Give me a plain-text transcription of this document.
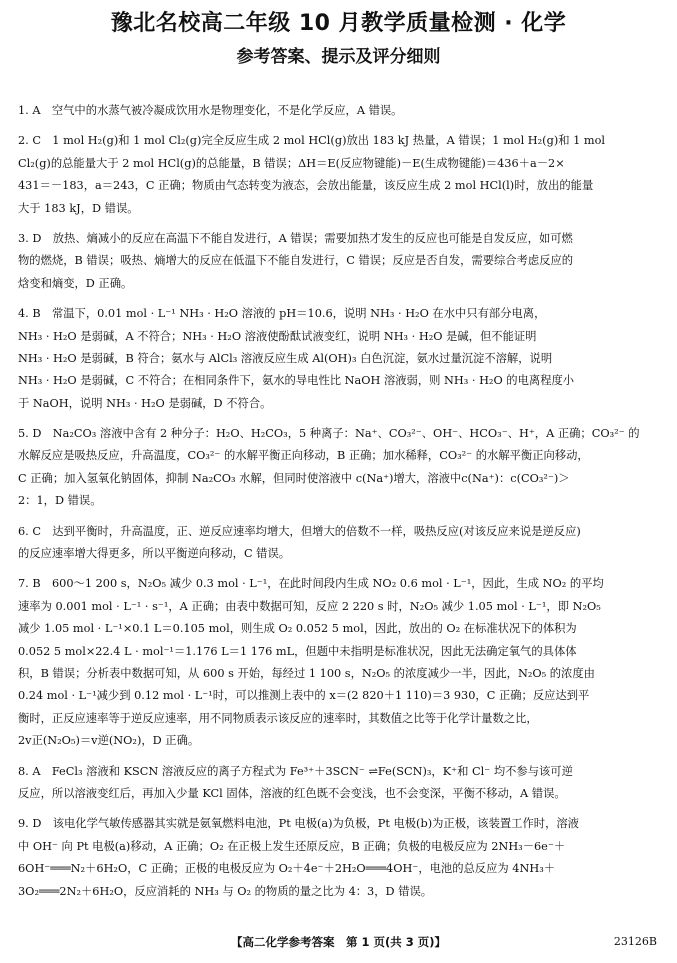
豫北名校高二年级 10 月教学质量检测 · 化学
参考答案、提示及评分细则
1. A　空气中的水蒸气被冷凝成饮用水是物理变化，不是化学反应，A 错误。
2. C　1 mol H₂(g)和 1 mol Cl₂(g)完全反应生成 2 mol HCl(g)放出 183 kJ 热量，A 错误；1 mol H₂(g)和 1 mol
Cl₂(g)的总能量大于 2 mol HCl(g)的总能量，B 错误；ΔH＝E(反应物键能)－E(生成物键能)＝436＋a－2×
431＝－183，a＝243，C 正确；物质由气态转变为液态，会放出能量，该反应生成 2 mol HCl(l)时，放出的能量
大于 183 kJ，D 错误。
3. D　放热、熵减小的反应在高温下不能自发进行，A 错误；需要加热才发生的反应也可能是自发反应，如可燃
物的燃烧，B 错误；吸热、熵增大的反应在低温下不能自发进行，C 错误；反应是否自发，需要综合考虑反应的
焓变和熵变，D 正确。
4. B　常温下，0.01 mol · L⁻¹ NH₃ · H₂O 溶液的 pH＝10.6，说明 NH₃ · H₂O 在水中只有部分电离，
NH₃ · H₂O 是弱碱，A 不符合；NH₃ · H₂O 溶液使酚酞试液变红，说明 NH₃ · H₂O 是碱，但不能证明
NH₃ · H₂O 是弱碱，B 符合；氨水与 AlCl₃ 溶液反应生成 Al(OH)₃ 白色沉淀，氨水过量沉淀不溶解，说明
NH₃ · H₂O 是弱碱，C 不符合；在相同条件下，氨水的导电性比 NaOH 溶液弱，则 NH₃ · H₂O 的电离程度小
于 NaOH，说明 NH₃ · H₂O 是弱碱，D 不符合。
5. D　Na₂CO₃ 溶液中含有 2 种分子：H₂O、H₂CO₃，5 种离子：Na⁺、CO₃²⁻、OH⁻、HCO₃⁻、H⁺，A 正确；CO₃²⁻ 的
水解反应是吸热反应，升高温度，CO₃²⁻ 的水解平衡正向移动，B 正确；加水稀释，CO₃²⁻ 的水解平衡正向移动，
C 正确；加入氢氧化钠固体，抑制 Na₂CO₃ 水解，但同时使溶液中 c(Na⁺)增大，溶液中c(Na⁺)：c(CO₃²⁻)＞
2：1，D 错误。
6. C　达到平衡时，升高温度，正、逆反应速率均增大，但增大的倍数不一样，吸热反应(对该反应来说是逆反应)
的反应速率增大得更多，所以平衡逆向移动，C 错误。
7. B　600～1 200 s，N₂O₅ 减少 0.3 mol · L⁻¹，在此时间段内生成 NO₂ 0.6 mol · L⁻¹，因此，生成 NO₂ 的平均
速率为 0.001 mol · L⁻¹ · s⁻¹，A 正确；由表中数据可知，反应 2 220 s 时，N₂O₅ 减少 1.05 mol · L⁻¹，即 N₂O₅
减少 1.05 mol · L⁻¹×0.1 L＝0.105 mol，则生成 O₂ 0.052 5 mol，因此，放出的 O₂ 在标准状况下的体积为
0.052 5 mol×22.4 L · mol⁻¹＝1.176 L＝1 176 mL，但题中未指明是标准状况，因此无法确定氧气的具体体
积，B 错误；分析表中数据可知，从 600 s 开始，每经过 1 100 s，N₂O₅ 的浓度减少一半，因此，N₂O₅ 的浓度由
0.24 mol · L⁻¹减少到 0.12 mol · L⁻¹时，可以推测上表中的 x＝(2 820＋1 110)＝3 930，C 正确；反应达到平
衡时，正反应速率等于逆反应速率，用不同物质表示该反应的速率时，其数值之比等于化学计量数之比，
2v正(N₂O₅)＝v逆(NO₂)，D 正确。
8. A　FeCl₃ 溶液和 KSCN 溶液反应的离子方程式为 Fe³⁺＋3SCN⁻ ⇌Fe(SCN)₃，K⁺和 Cl⁻ 均不参与该可逆
反应，所以溶液变红后，再加入少量 KCl 固体，溶液的红色既不会变浅，也不会变深，平衡不移动，A 错误。
9. D　该电化学气敏传感器其实就是氨氧燃料电池，Pt 电极(a)为负极，Pt 电极(b)为正极，该装置工作时，溶液
中 OH⁻ 向 Pt 电极(a)移动，A 正确；O₂ 在正极上发生还原反应，B 正确；负极的电极反应为 2NH₃－6e⁻＋
6OH⁻═══N₂＋6H₂O，C 正确；正极的电极反应为 O₂＋4e⁻＋2H₂O═══4OH⁻，电池的总反应为 4NH₃＋
3O₂═══2N₂＋6H₂O，反应消耗的 NH₃ 与 O₂ 的物质的量之比为 4：3，D 错误。
【高二化学参考答案　第 1 页(共 3 页)】	23126B
